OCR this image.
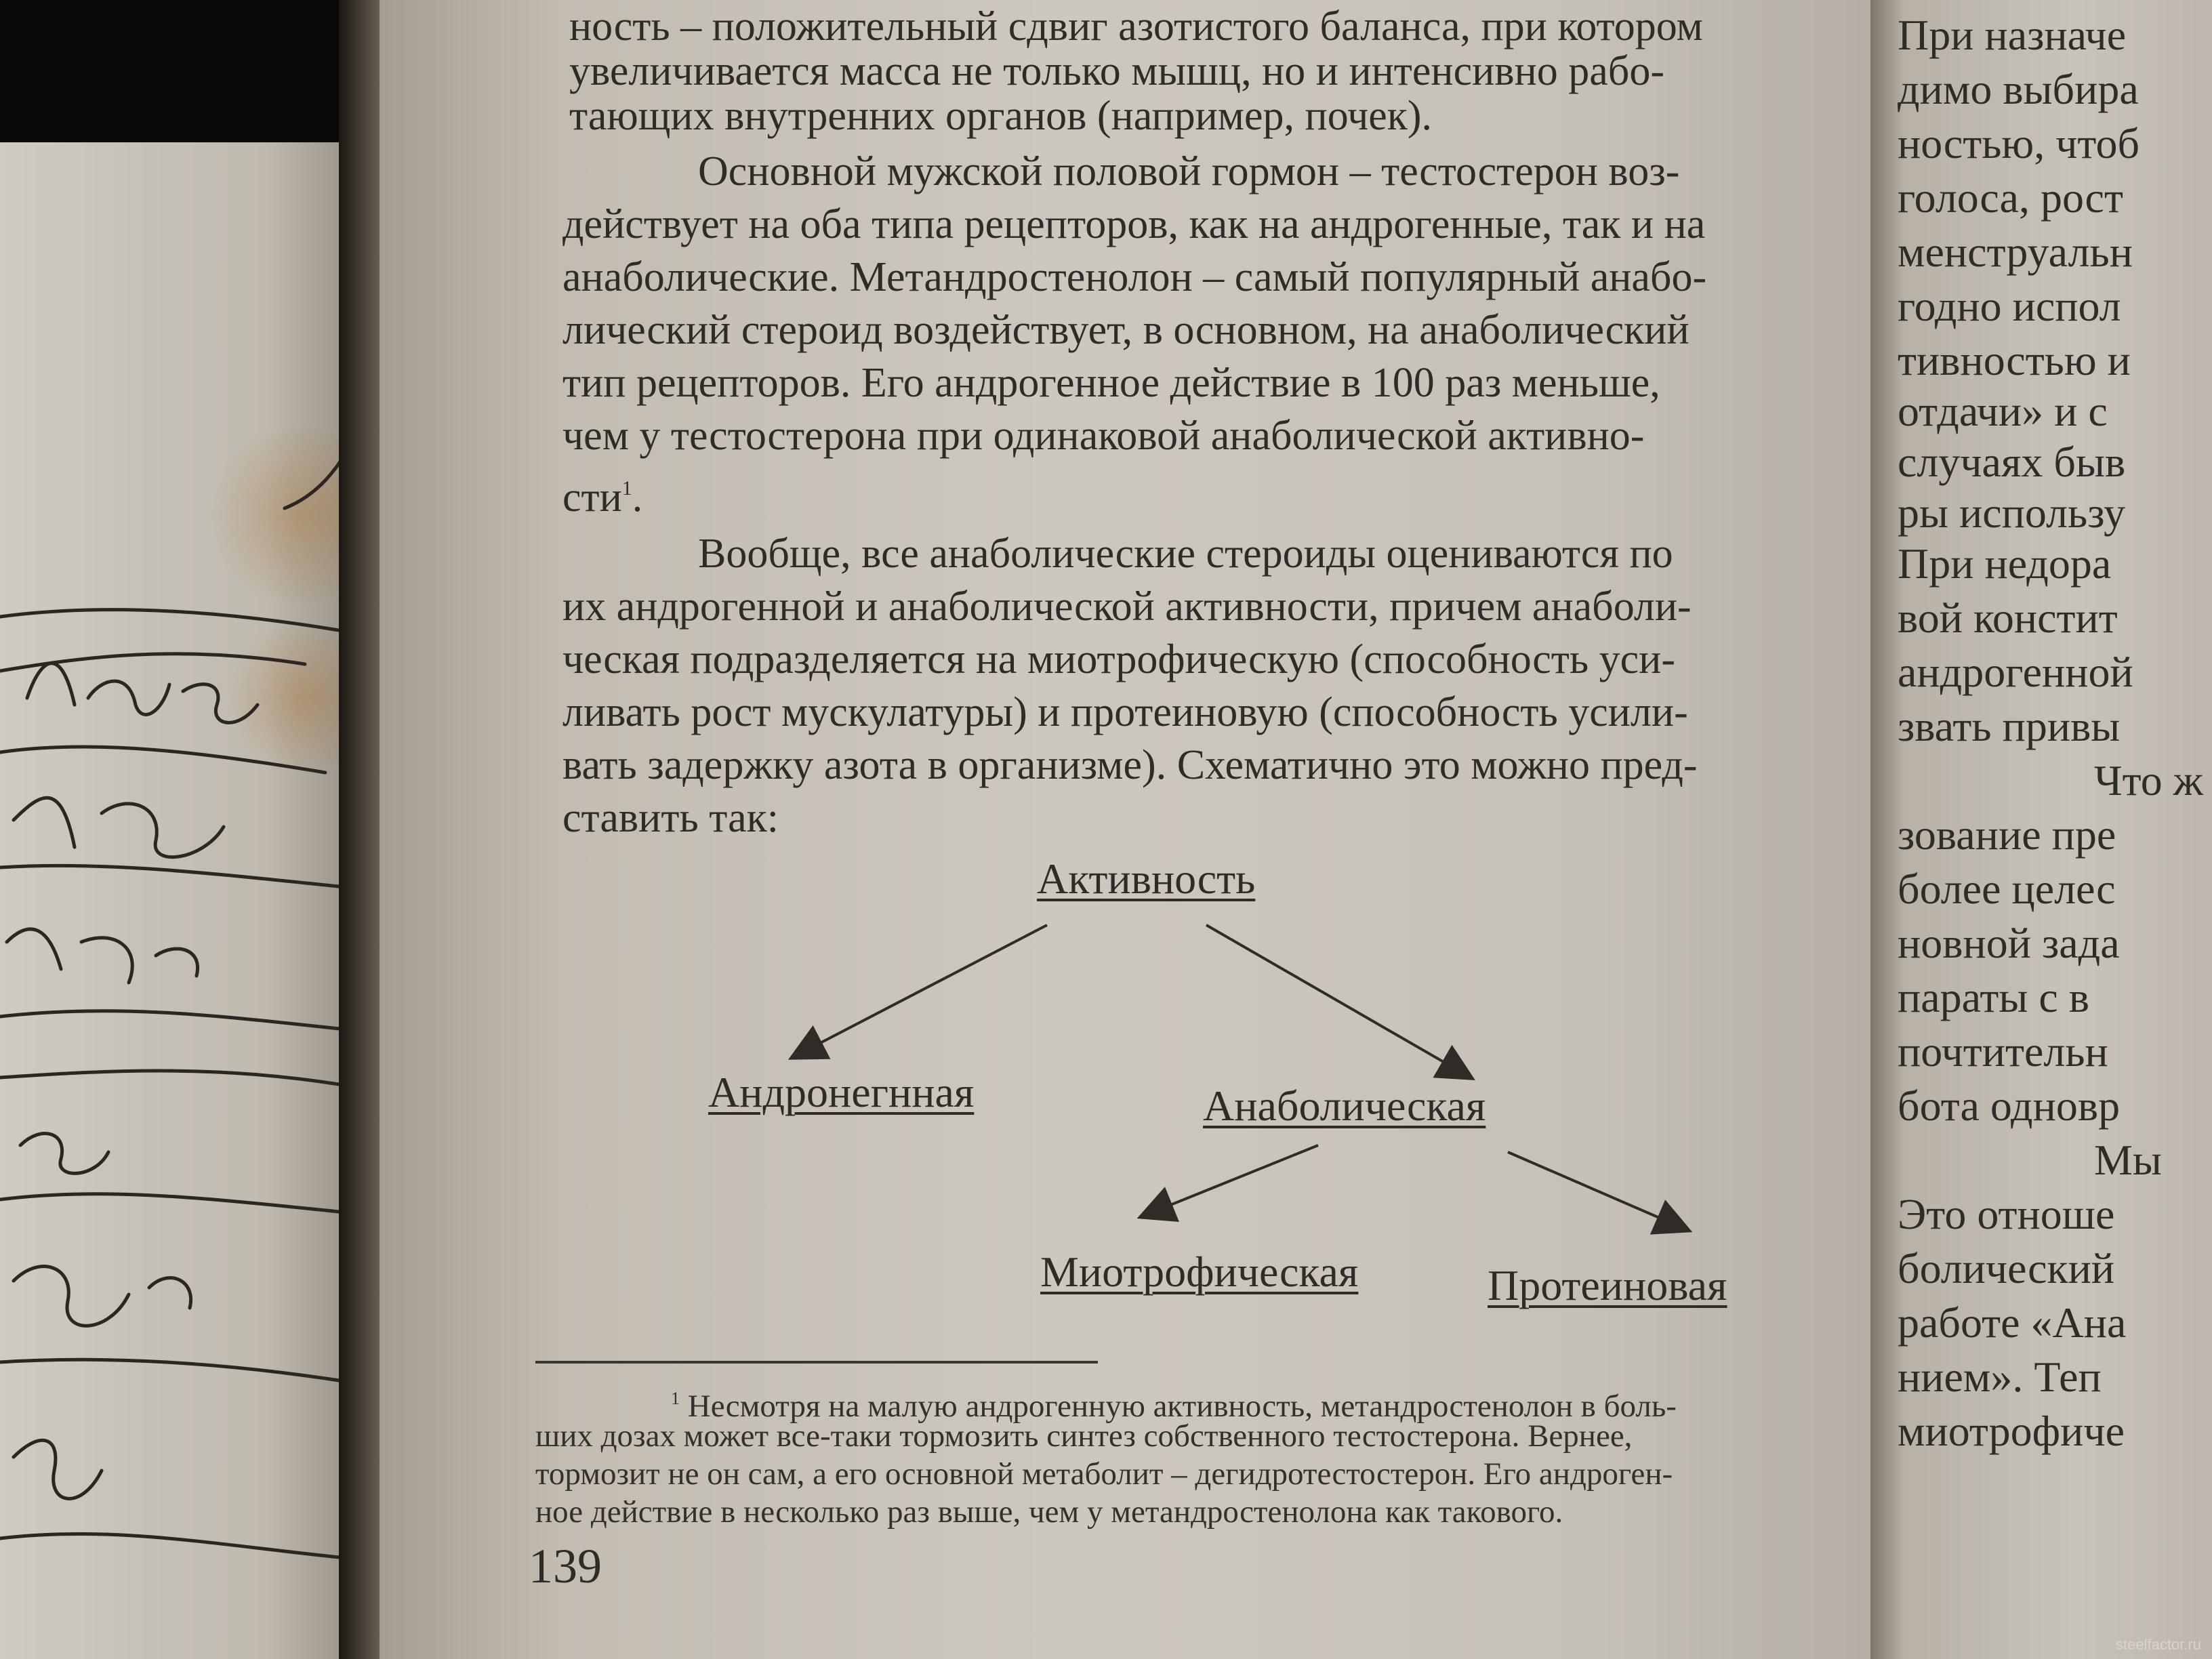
ность – положительный сдвиг азотистого баланса, при котором
увеличивается масса не только мышц, но и интенсивно рабо-
тающих внутренних органов (например, почек).
Основной мужской половой гормон – тестостерон воз-
действует на оба типа рецепторов, как на андрогенные, так и на
анаболические. Метандростенолон – самый популярный анабо-
лический стероид воздействует, в основном, на анаболический
тип рецепторов. Его андрогенное действие в 100 раз меньше,
чем у тестостерона при одинаковой анаболической активно-
сти$^1$.
Вообще, все анаболические стероиды оцениваются по
их андрогенной и анаболической активности, причем анаболи-
ческая подразделяется на миотрофическую (способность уси-
ливать рост мускулатуры) и протеиновую (способность усили-
вать задержку азота в организме). Схематично это можно пред-
ставить так:
Активность
Андронегнная	Анаболическая
Миотрофическая	Протеиновая
$^1$ Несмотря на малую андрогенную активность, метандростенолон в боль-
ших дозах может все-таки тормозить синтез собственного тестостерона. Вернее,
тормозит не он сам, а его основной метаболит – дегидротестостерон. Его андроген-
ное действие в несколько раз выше, чем у метандростенолона как такового.
139
При назначе
димо выбира
ностью, чтоб
голоса, рост
менструальн
годно испол
тивностью и
отдачи» и с
случаях быв
ры использу
При недора
вой констит
андрогенной
звать привы
Что ж
зование пре
более целес
новной зада
параты с в
почтительн
бота одновр
Мы
Это отноше
болический
работе «Ана
нием». Теп
миотрофиче
steelfactor.ru
